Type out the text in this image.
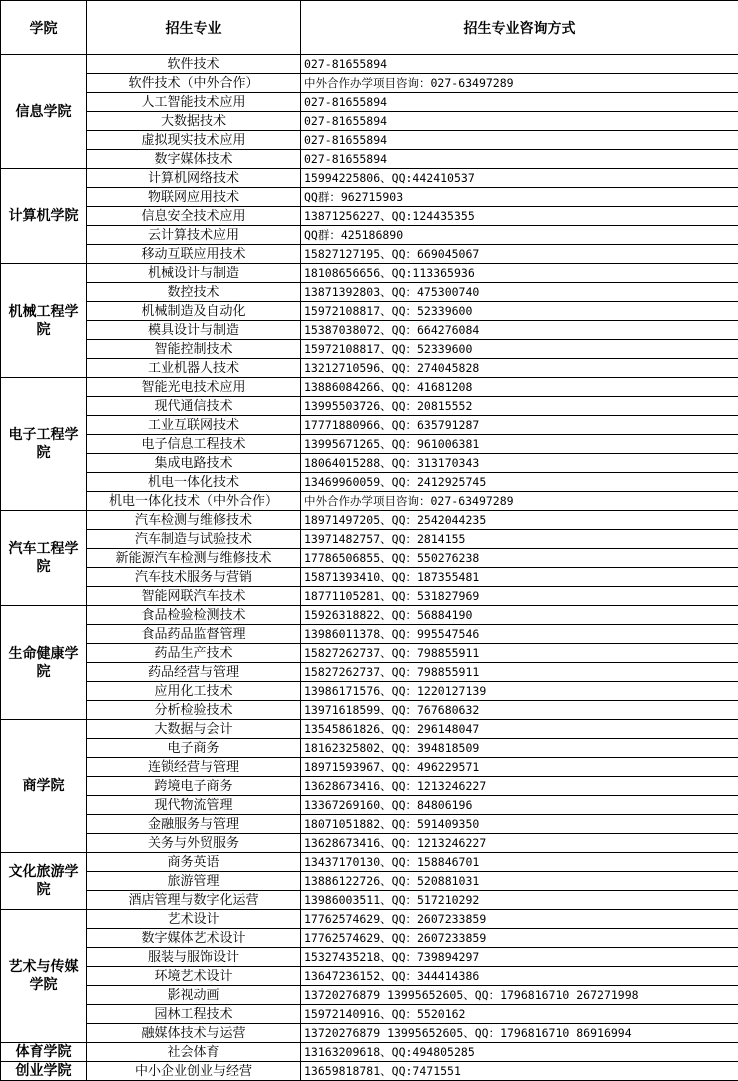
学院	招生专业	招生专业咨询方式
信息学院	软件技术	027-81655894
	软件技术（中外合作）	中外合作办学项目咨询：027-63497289
	人工智能技术应用	027-81655894
	大数据技术	027-81655894
	虚拟现实技术应用	027-81655894
	数字媒体技术	027-81655894
计算机学院	计算机网络技术	15994225806、QQ:442410537
	物联网应用技术	QQ群：962715903
	信息安全技术应用	13871256227、QQ:124435355
	云计算技术应用	QQ群：425186890
	移动互联应用技术	15827127195、QQ：669045067
机械工程学院	机械设计与制造	18108656656、QQ:113365936
	数控技术	13871392803、QQ：475300740
	机械制造及自动化	15972108817、QQ：52339600
	模具设计与制造	15387038072、QQ：664276084
	智能控制技术	15972108817、QQ：52339600
	工业机器人技术	13212710596、QQ：274045828
电子工程学院	智能光电技术应用	13886084266、QQ：41681208
	现代通信技术	13995503726、QQ：20815552
	工业互联网技术	17771880966、QQ：635791287
	电子信息工程技术	13995671265、QQ：961006381
	集成电路技术	18064015288、QQ：313170343
	机电一体化技术	13469960059、QQ：2412925745
	机电一体化技术（中外合作）	中外合作办学项目咨询：027-63497289
汽车工程学院	汽车检测与维修技术	18971497205、QQ：2542044235
	汽车制造与试验技术	13971482757、QQ：2814155
	新能源汽车检测与维修技术	17786506855、QQ：550276238
	汽车技术服务与营销	15871393410、QQ：187355481
	智能网联汽车技术	18771105281、QQ：531827969
生命健康学院	食品检验检测技术	15926318822、QQ：56884190
	食品药品监督管理	13986011378、QQ：995547546
	药品生产技术	15827262737、QQ：798855911
	药品经营与管理	15827262737、QQ：798855911
	应用化工技术	13986171576、QQ：1220127139
	分析检验技术	13971618599、QQ：767680632
商学院	大数据与会计	13545861826、QQ：296148047
	电子商务	18162325802、QQ：394818509
	连锁经营与管理	18971593967、QQ：496229571
	跨境电子商务	13628673416、QQ：1213246227
	现代物流管理	13367269160、QQ：84806196
	金融服务与管理	18071051882、QQ：591409350
	关务与外贸服务	13628673416、QQ：1213246227
文化旅游学院	商务英语	13437170130、QQ：158846701
	旅游管理	13886122726、QQ：520881031
	酒店管理与数字化运营	13986003511、QQ：517210292
艺术与传媒学院	艺术设计	17762574629、QQ：2607233859
	数字媒体艺术设计	17762574629、QQ：2607233859
	服装与服饰设计	15327435218、QQ：739894297
	环境艺术设计	13647236152、QQ：344414386
	影视动画	13720276879 13995652605、QQ：1796816710 267271998
	园林工程技术	15972140916、QQ：5520162
	融媒体技术与运营	13720276879 13995652605、QQ：1796816710 86916994
体育学院	社会体育	13163209618、QQ:494805285
创业学院	中小企业创业与经营	13659818781、QQ:7471551
